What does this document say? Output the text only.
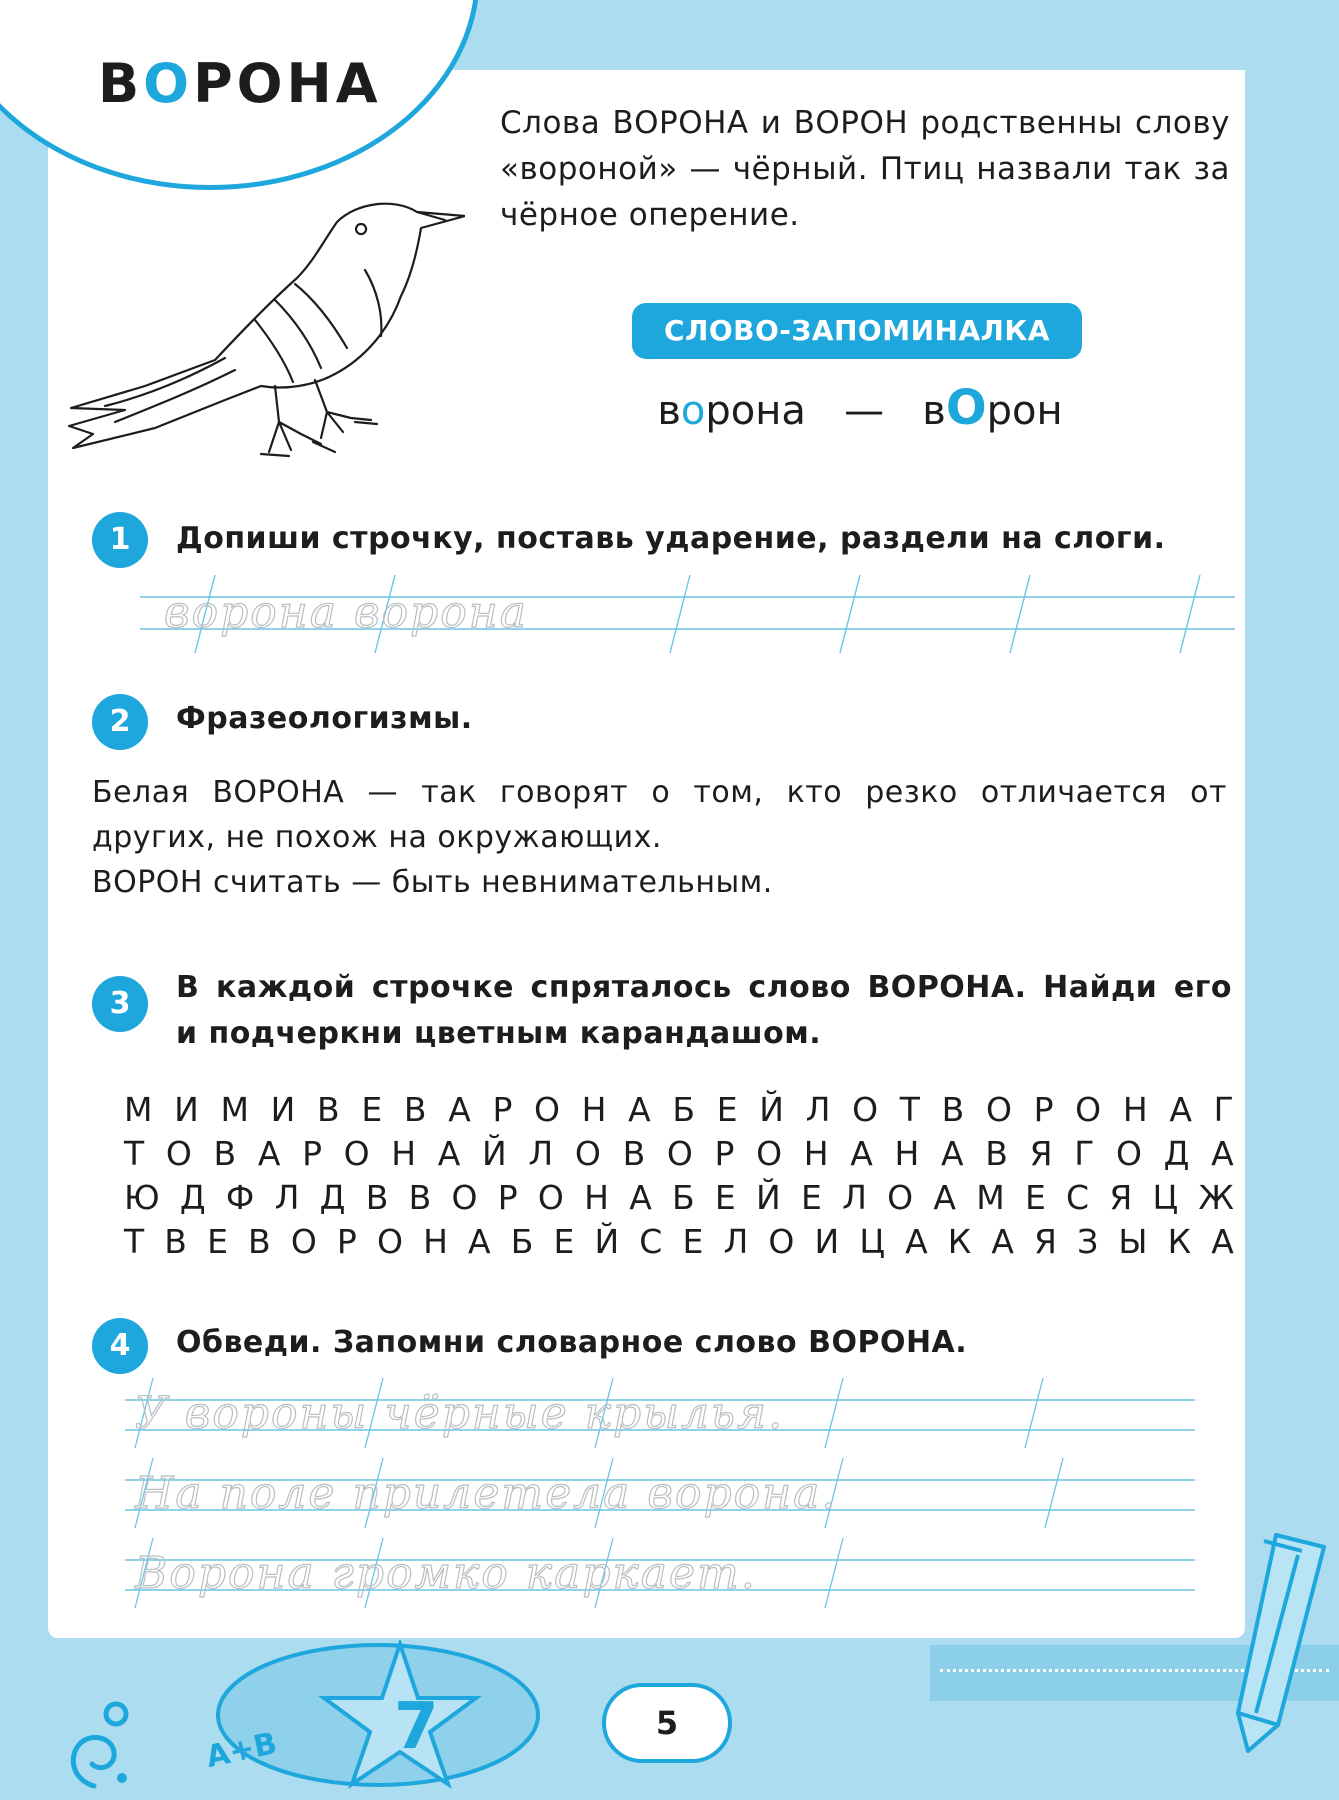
ВОРОНА
Слова ВОРОНА и ВОРОН родственны слову «вороной» — чёрный. Птиц назвали так за чёрное оперение.
СЛОВО-ЗАПОМИНАЛКА
ворона — вОрон
1	Допиши строчку, поставь ударение, раздели на слоги.
ворона ворона
2	Фразеологизмы.
Белая ВОРОНА — так говорят о том, кто резко отличается от
других, не похож на окружающих.
ВОРОН считать — быть невнимательным.
3	В каждой строчке спряталось слово ВОРОНА. Найди его
и подчеркни цветным карандашом.
М И М И В Е В А Р О Н А Б Е Й Л О Т В О Р О Н А Г
Т О В А Р О Н А Й Л О В О Р О Н А Н А В Я Г О Д А
Ю Д Ф Л Д В В О Р О Н А Б Е Й Е Л О А М Е С Я Ц Ж
Т В Е В О Р О Н А Б Е Й С Е Л О И Ц А К А Я З Ы К А
4	Обведи. Запомни словарное слово ВОРОНА.
У вороны чёрные крылья.
На поле прилетела ворона.
Ворона громко каркает.
7
A+B
5
